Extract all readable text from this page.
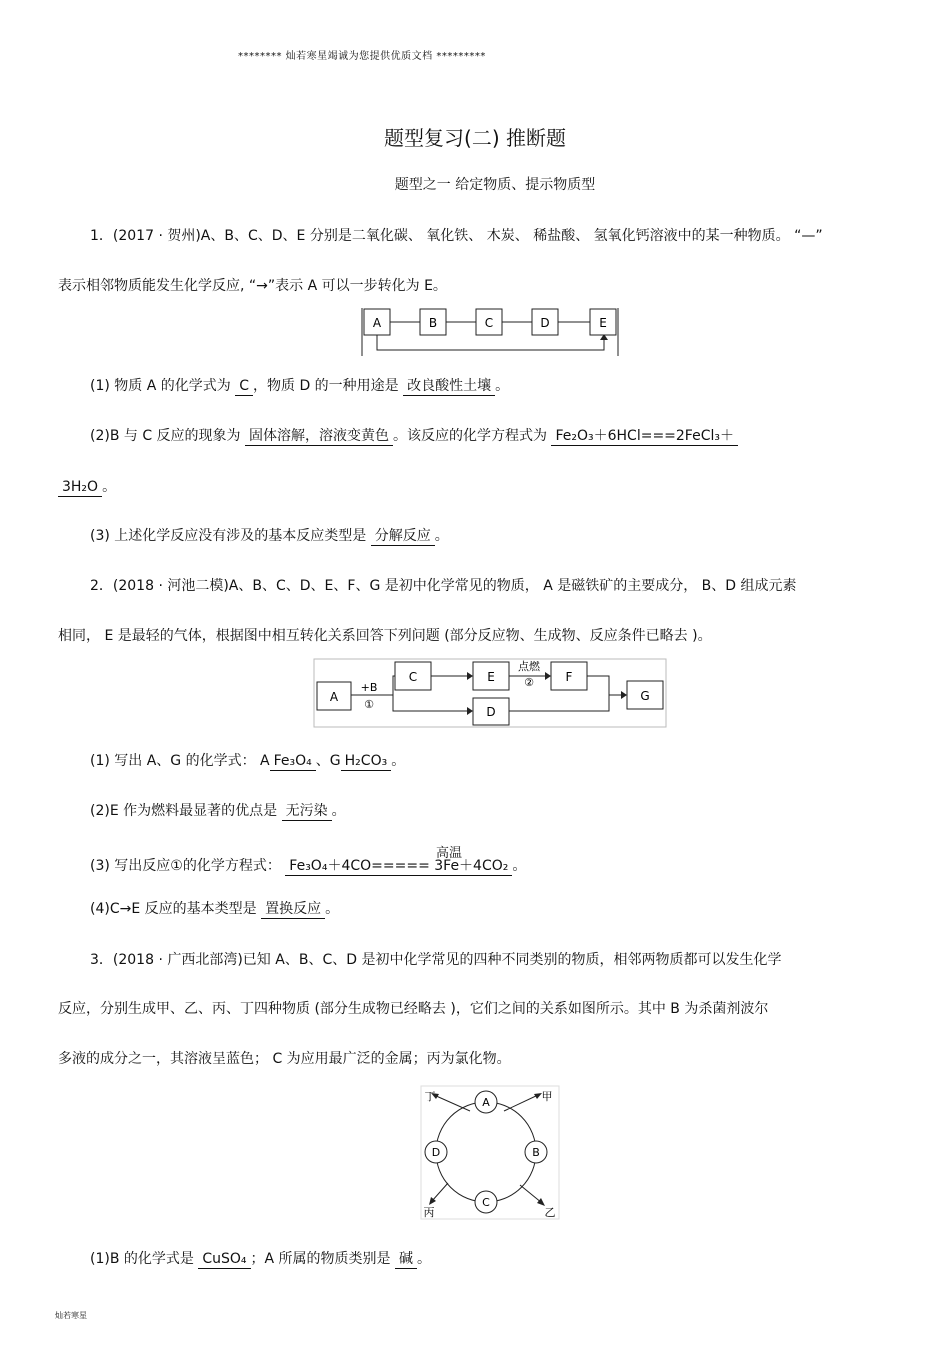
******** 灿若寒星竭诚为您提供优质文档 *********
题型复习(二) 推断题
题型之一 给定物质、提示物质型
1．(2017 · 贺州)A、B、C、D、E 分别是二氧化碳、 氧化铁、 木炭、 稀盐酸、 氢氧化钙溶液中的某一种物质。 “—”
表示相邻物质能发生化学反应, “→”表示 A 可以一步转化为 E。
A	B	C	D	E
(1) 物质 A 的化学式为 C ，物质 D 的一种用途是 改良酸性土壤 。
(2)B 与 C 反应的现象为 固体溶解，溶液变黄色 。该反应的化学方程式为 Fe₂O₃＋6HCl===2FeCl₃＋
3H₂O 。
(3) 上述化学反应没有涉及的基本反应类型是 分解反应 。
2．(2018 · 河池二模)A、B、C、D、E、F、G 是初中化学常见的物质， A 是磁铁矿的主要成分， B、D 组成元素
相同， E 是最轻的气体，根据图中相互转化关系回答下列问题 (部分反应物、生成物、反应条件已略去 )。
+B
①
点燃
②
A
C	E	F
G
D
(1) 写出 A、G 的化学式： A Fe₃O₄ 、G H₂CO₃ 。
(2)E 作为燃料最显著的优点是 无污染 。
高温
(3) 写出反应①的化学方程式： Fe₃O₄＋4CO===== 3Fe＋4CO₂ 。
(4)C→E 反应的基本类型是 置换反应 。
3．(2018 · 广西北部湾)已知 A、B、C、D 是初中化学常见的四种不同类别的物质，相邻两物质都可以发生化学
反应，分别生成甲、乙、丙、丁四种物质 (部分生成物已经略去 )，它们之间的关系如图所示。其中 B 为杀菌剂波尔
多液的成分之一，其溶液呈蓝色； C 为应用最广泛的金属；丙为氯化物。
A
B
C
D
丁	甲
乙
丙
(1)B 的化学式是 CuSO₄ ；A 所属的物质类别是 碱 。
灿若寒星
